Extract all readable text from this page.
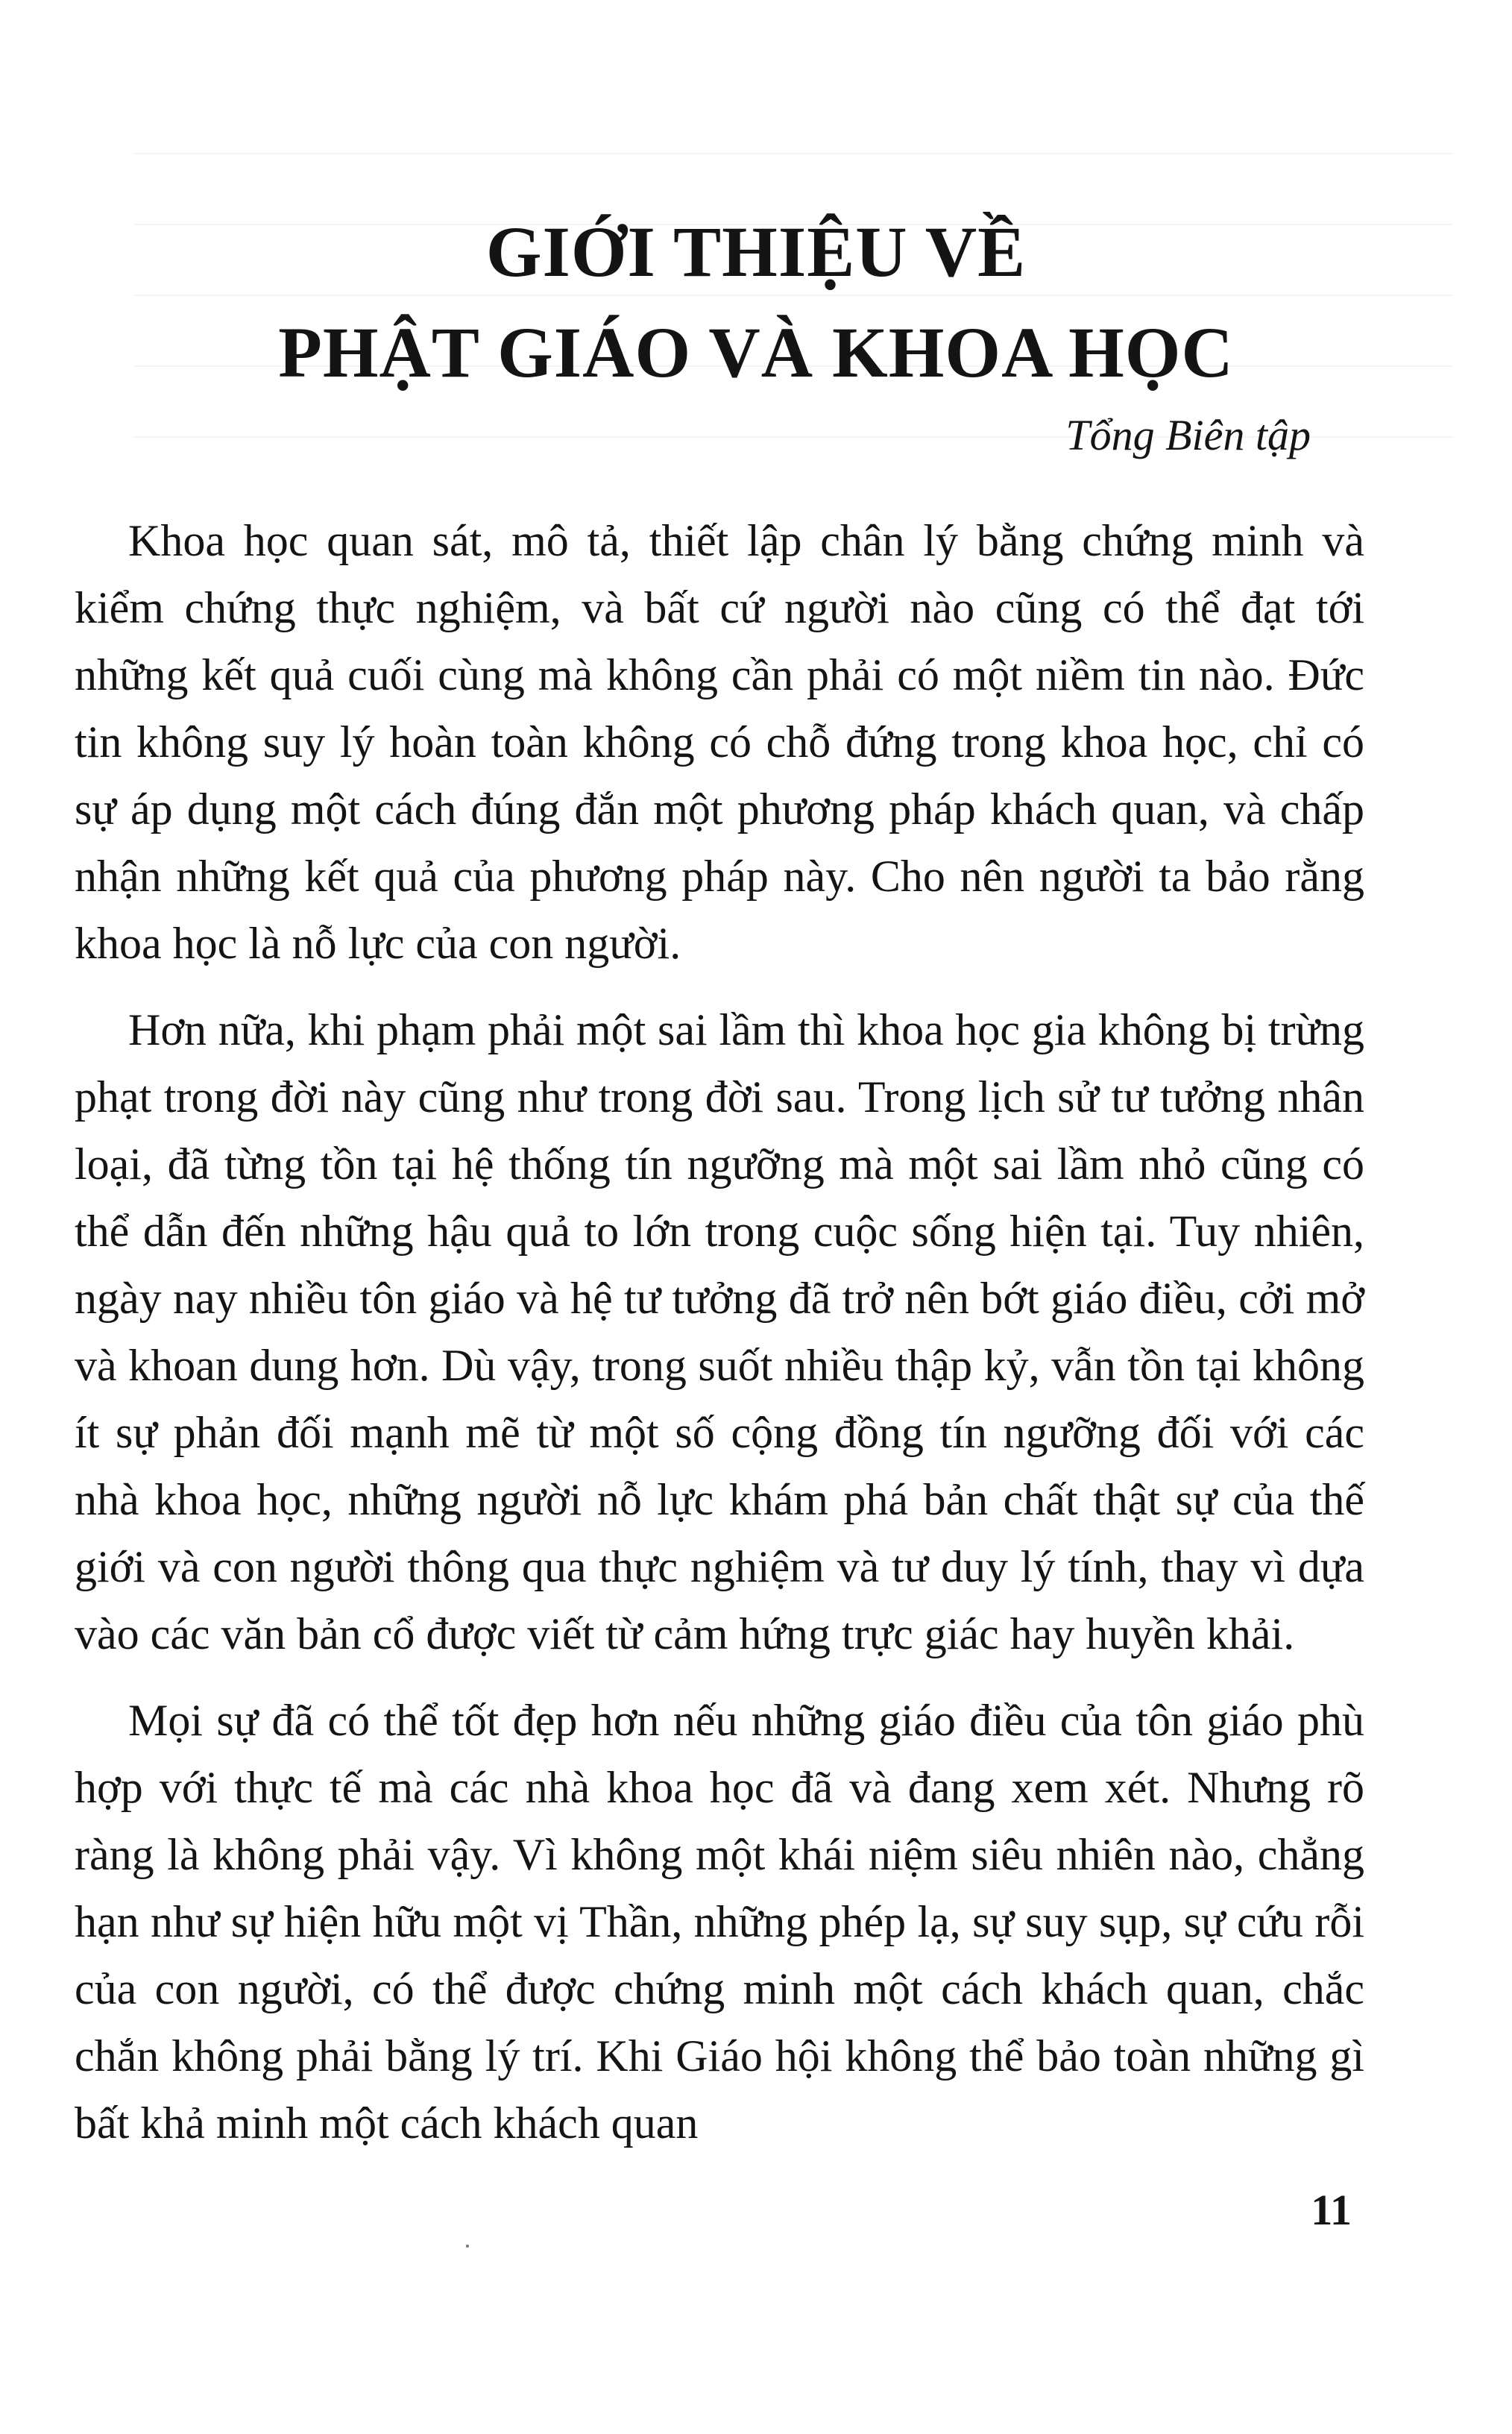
GIỚI THIỆU VỀ
PHẬT GIÁO VÀ KHOA HỌC

Tổng Biên tập

Khoa học quan sát, mô tả, thiết lập chân lý bằng chứng minh và kiểm chứng thực nghiệm, và bất cứ người nào cũng có thể đạt tới những kết quả cuối cùng mà không cần phải có một niềm tin nào. Đức tin không suy lý hoàn toàn không có chỗ đứng trong khoa học, chỉ có sự áp dụng một cách đúng đắn một phương pháp khách quan, và chấp nhận những kết quả của phương pháp này. Cho nên người ta bảo rằng khoa học là nỗ lực của con người.

Hơn nữa, khi phạm phải một sai lầm thì khoa học gia không bị trừng phạt trong đời này cũng như trong đời sau. Trong lịch sử tư tưởng nhân loại, đã từng tồn tại hệ thống tín ngưỡng mà một sai lầm nhỏ cũng có thể dẫn đến những hậu quả to lớn trong cuộc sống hiện tại. Tuy nhiên, ngày nay nhiều tôn giáo và hệ tư tưởng đã trở nên bớt giáo điều, cởi mở và khoan dung hơn. Dù vậy, trong suốt nhiều thập kỷ, vẫn tồn tại không ít sự phản đối mạnh mẽ từ một số cộng đồng tín ngưỡng đối với các nhà khoa học, những người nỗ lực khám phá bản chất thật sự của thế giới và con người thông qua thực nghiệm và tư duy lý tính, thay vì dựa vào các văn bản cổ được viết từ cảm hứng trực giác hay huyền khải.

Mọi sự đã có thể tốt đẹp hơn nếu những giáo điều của tôn giáo phù hợp với thực tế mà các nhà khoa học đã và đang xem xét. Nhưng rõ ràng là không phải vậy. Vì không một khái niệm siêu nhiên nào, chẳng hạn như sự hiện hữu một vị Thần, những phép lạ, sự suy sụp, sự cứu rỗi của con người, có thể được chứng minh một cách khách quan, chắc chắn không phải bằng lý trí. Khi Giáo hội không thể bảo toàn những gì bất khả minh một cách khách quan

11
